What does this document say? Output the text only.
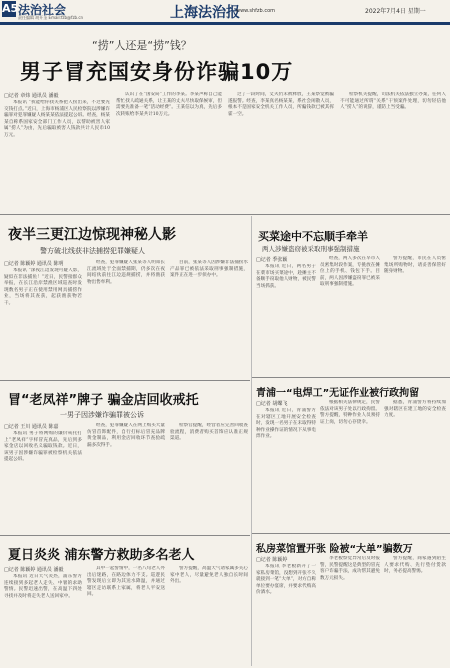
A5 法治社会
责任编辑 胡开圣 Email:fzb@fzb.cn	上海法治报
www.shfzb.com	2022年7月4日 星期一
“捞”人还是“捞”钱？
男子冒充国安身份诈骗10万
□记者 章炜 通讯员 潘毅

本报讯 “我能给你找关系把人捞出来，不过要先交钱打点。”近日，上海市杨浦区人民检察院以涉嫌诈骗罪对犯罪嫌疑人杨某某依法提起公诉。经查，杨某某自称系国家安全部门工作人员，以帮助被害人家属“捞人”为由，先后骗取被害人钱款共计人民币10万元。

认识了在“国安局”工作的李某。李某声称自己能帮忙找人疏通关系，让王某的丈夫尽快取保候审，但需要先准备一笔“活动经费”。王某信以为真，先后多次转账给李某共计10万元。

过了一段时间，丈夫仍未被释放，王某察觉被骗遂报警。经查，李某真名杨某某，系社会闲散人员，根本不是国家安全机关工作人员，所骗钱款已被其挥霍一空。

检察机关提醒，司法机关依法独立办案，任何人不可能通过所谓“关系”干预案件处理，切勿轻信他人“捞人”的说辞，谨防上当受骗。

夜半三更江边惊现神秘人影
警方破北线获非法捕捞犯罪嫌疑人
□记者 陈颖婷 通讯员 陈明

本报讯 “深夜江边发现可疑人影，疑似在非法捕鱼！”近日，民警接群众举报，在长江沿岸禁渔区域巡查时发现数名男子正在使用禁用网具捕捞作业，当场将其查获，起获渔获物若干。

经查，犯罪嫌疑人张某等人明知长江流域处于全面禁捕期，仍多次在夜间结伙前往江边违规捕捞，并将渔获物出售牟利。

目前，张某等人因涉嫌非法捕捞水产品罪已被依法采取刑事强制措施，案件正在进一步侦办中。

冒“老凤祥”牌子 骗金店回收戒托
一男子因涉嫌诈骗罪被公诉
□记者 王川 通讯员 陈嘉

本报讯 男子将网购的廉价戒托打上“老凤祥”字样冒充真品，先后到多家金店以回收名义骗取钱款。近日，该男子因涉嫌诈骗罪被检察机关依法提起公诉。

经查，犯罪嫌疑人在网上购买大量仿冒首饰配件，自行打标后冒充品牌黄金制品，利用金店回收环节查验疏漏多次得手。

检察官提醒，经营者应完善回收查验流程，消费者购买首饰应认准正规渠道。

夏日炎炎 浦东警方救助多名老人
□记者 陈颖婷 通讯员 潘毅

本报讯 近日天气炎热，浦东警方连续接到多起老人走失、中暑的求助警情。民警迅速出警，在高温下四处寻找并及时将走失老人送回家中。

其中一起警情中，一名八旬老人外出后迷路，在路边体力不支。巡逻民警发现后立即为其送水降温，并通过辖区走访联系上家属，将老人平安送回。

警方提醒，高温天气请家属多关心家中老人，尽量避免老人独自长时间外出。

买菜途中不忘顺手牵羊
两人涉嫌盗窃被采取刑事强制措施
□记者 季张颖

本报讯 近日，两名男子在菜市场买菜途中，趁摊主不备顺手窃取他人财物，被民警当场抓获。

经查，两人多次在早市人员密集时段作案，专挑放在摊位上的手机、钱包下手。目前，两人因涉嫌盗窃罪已被采取刑事强制措施。

警方提醒，市民在人员密集场所购物时，请妥善保管好随身财物。

青浦一“电焊工”无证作业被行政拘留
□记者 胡蝶飞

本报讯 近日，青浦警方在对辖区工地开展安全检查时，发现一名男子在未取得特种作业操作证的情况下从事电焊作业。

根据相关法律规定，民警依法对该男子处以行政拘留。警方提醒，特种作业人员须持证上岗，切勿心存侥幸。

据悉，青浦警方将持续加强对辖区在建工地的安全检查力度。

私房菜馆置开张 险被“大单”骗数万
□记者 陈颖婷

本报讯 李老板新开了一家私房菜馆，没想到开张不久就接到一笔“大单”，对方自称单位要办宴席，并要求代购高价酒水。

李老板察觉异常后及时报警，民警提醒这是典型的冒充客户诈骗手法，成功帮其避免数万元损失。

警方提醒，商家遇到陌生人要求代购、先行垫付货款时，务必提高警惕。
